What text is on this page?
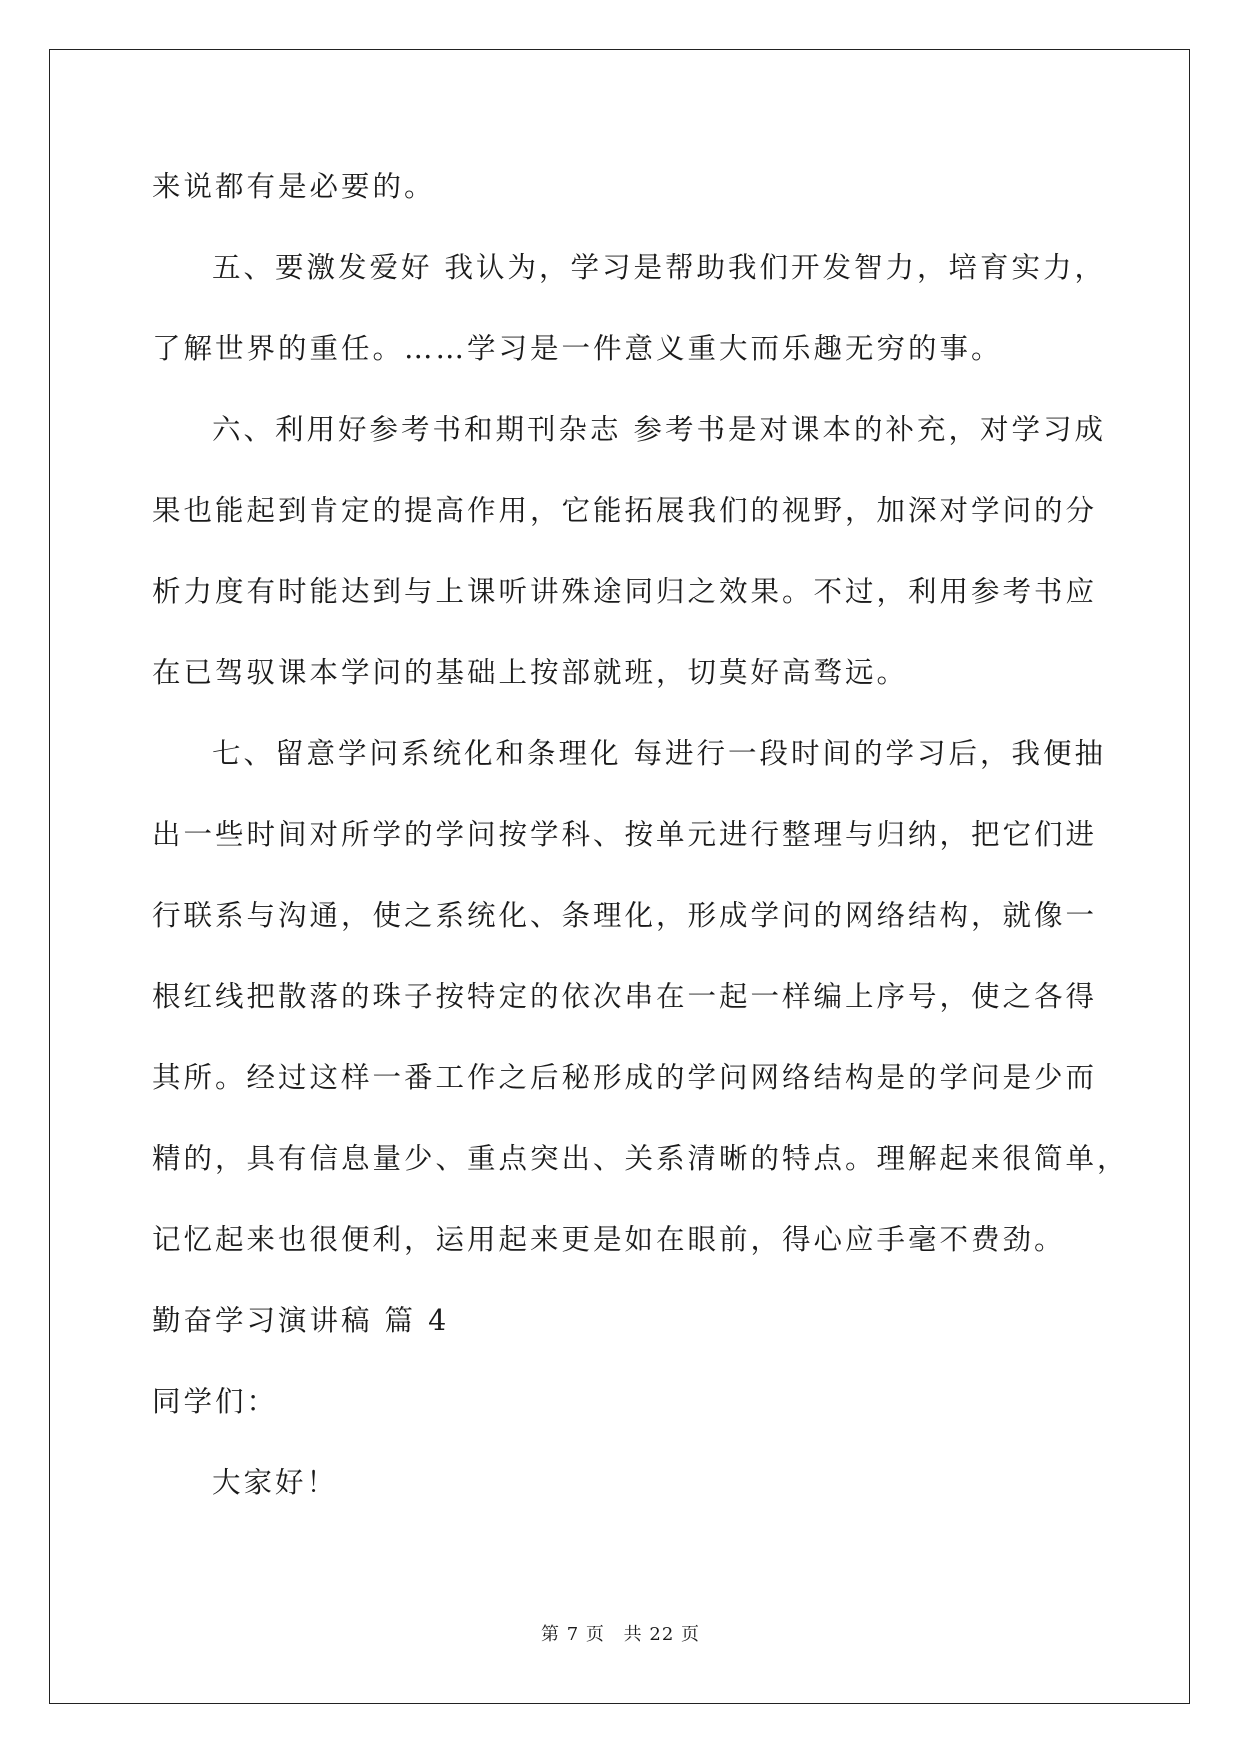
来说都有是必要的。
五、要激发爱好 我认为，学习是帮助我们开发智力，培育实力，
了解世界的重任。……学习是一件意义重大而乐趣无穷的事。
六、利用好参考书和期刊杂志 参考书是对课本的补充，对学习成
果也能起到肯定的提高作用，它能拓展我们的视野，加深对学问的分
析力度有时能达到与上课听讲殊途同归之效果。不过，利用参考书应
在已驾驭课本学问的基础上按部就班，切莫好高骛远。
七、留意学问系统化和条理化 每进行一段时间的学习后，我便抽
出一些时间对所学的学问按学科、按单元进行整理与归纳，把它们进
行联系与沟通，使之系统化、条理化，形成学问的网络结构，就像一
根红线把散落的珠子按特定的依次串在一起一样编上序号，使之各得
其所。经过这样一番工作之后秘形成的学问网络结构是的学问是少而
精的，具有信息量少、重点突出、关系清晰的特点。理解起来很简单，
记忆起来也很便利，运用起来更是如在眼前，得心应手毫不费劲。
勤奋学习演讲稿 篇 4
同学们：
大家好！
第 7 页 共 22 页
